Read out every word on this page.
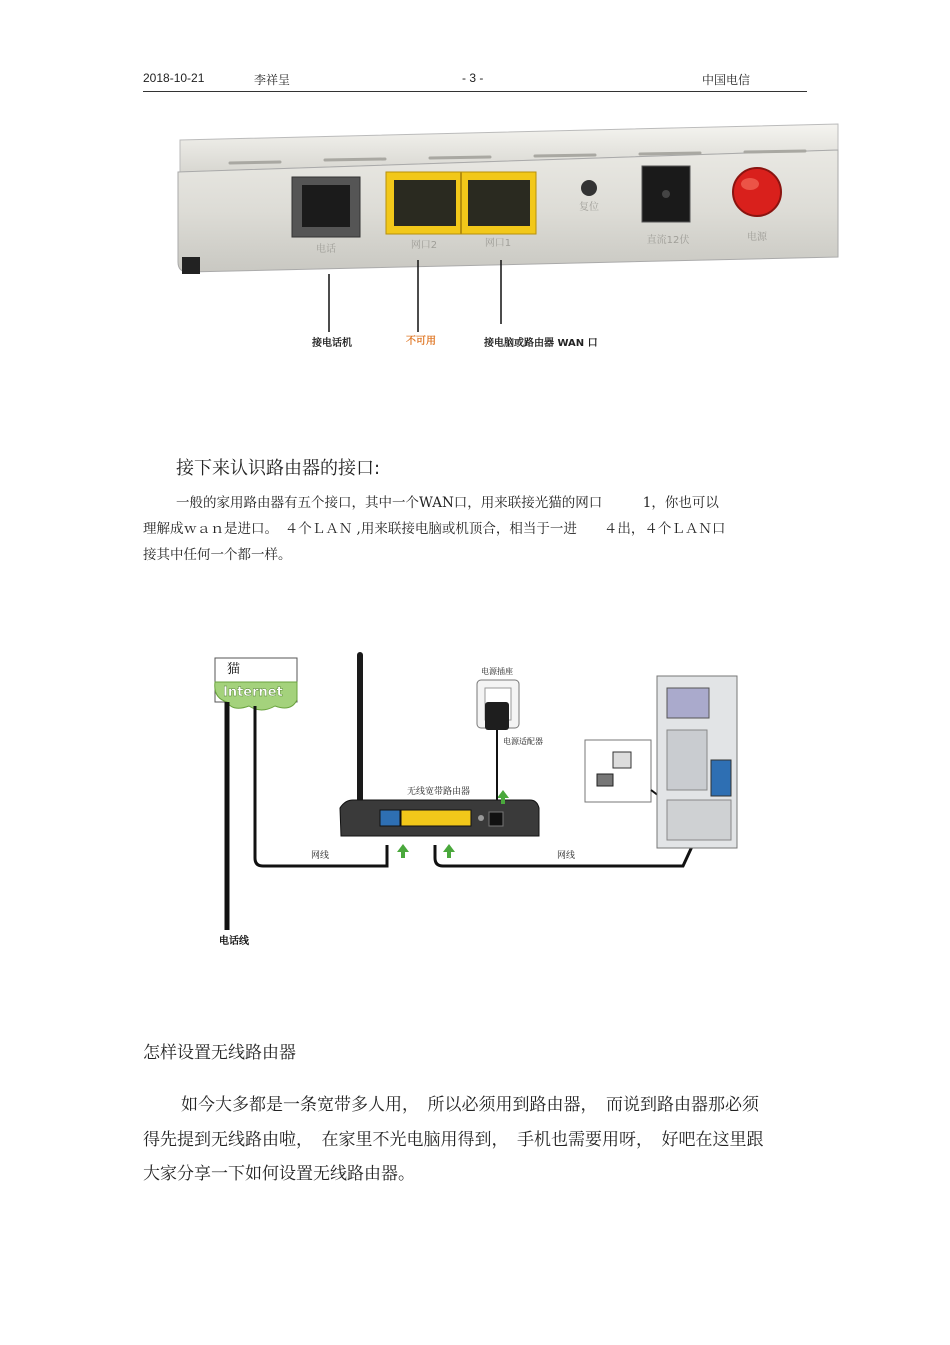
2018-10-21	李祥呈	- 3 -	中国电信
电话	网口2	网口1
复位
直流12伏	电源
接电话机	不可用	接电脑或路由器 WAN 口
接下来认识路由器的接口:
一般的家用路由器有五个接口，其中一个WAN口，用来联接光猫的网口　　　1，你也可以
理解成ｗａｎ是进口。　４个ＬＡＮ ,用来联接电脑或机顶合，相当于一进　　４出，４个ＬＡＮ口
接其中任何一个都一样。
猫
Internet
电话线
网线
无线宽带路由器
电源插座
电源适配器
网线
怎样设置无线路由器
如今大多都是一条宽带多人用，　所以必须用到路由器，　而说到路由器那必须
得先提到无线路由啦，　在家里不光电脑用得到，　手机也需要用呀，　好吧在这里跟
大家分享一下如何设置无线路由器。
